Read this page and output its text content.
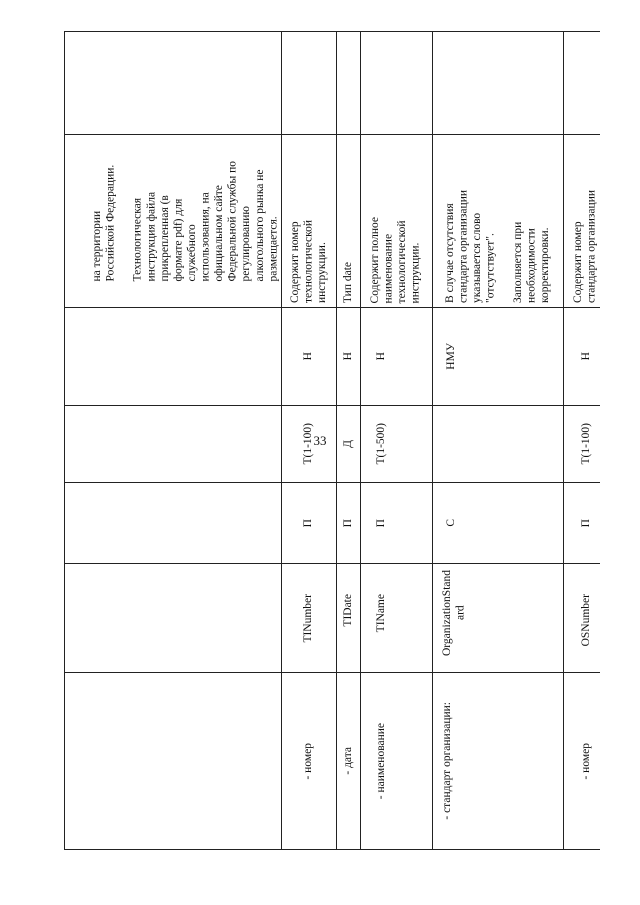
33
на территории
Российской Федерации.

Технологическая
инструкция файла
прикрепленная (в
формате pdf) для
служебного
использования, на
официальном сайте
Федеральной службы по
регулированию
алкогольного рынка не
размещается.
- номер
TINumber
П
T(1-100)
Н
Содержит номер
технологической
инструкции.
- дата
TIDate
П
Д
Н
Тип date
- наименование
TIName
П
T(1-500)
Н
Содержит полное
наименование
технологической
инструкции.
- стандарт организации:
OrganizationStand
ard
С
НМУ
В случае отсутствия
стандарта организации
указывается слово
"отсутствует".

Заполняется при
необходимости
корректировки.
- номер
OSNumber
П
T(1-100)
Н
Содержит номер
стандарта организации
